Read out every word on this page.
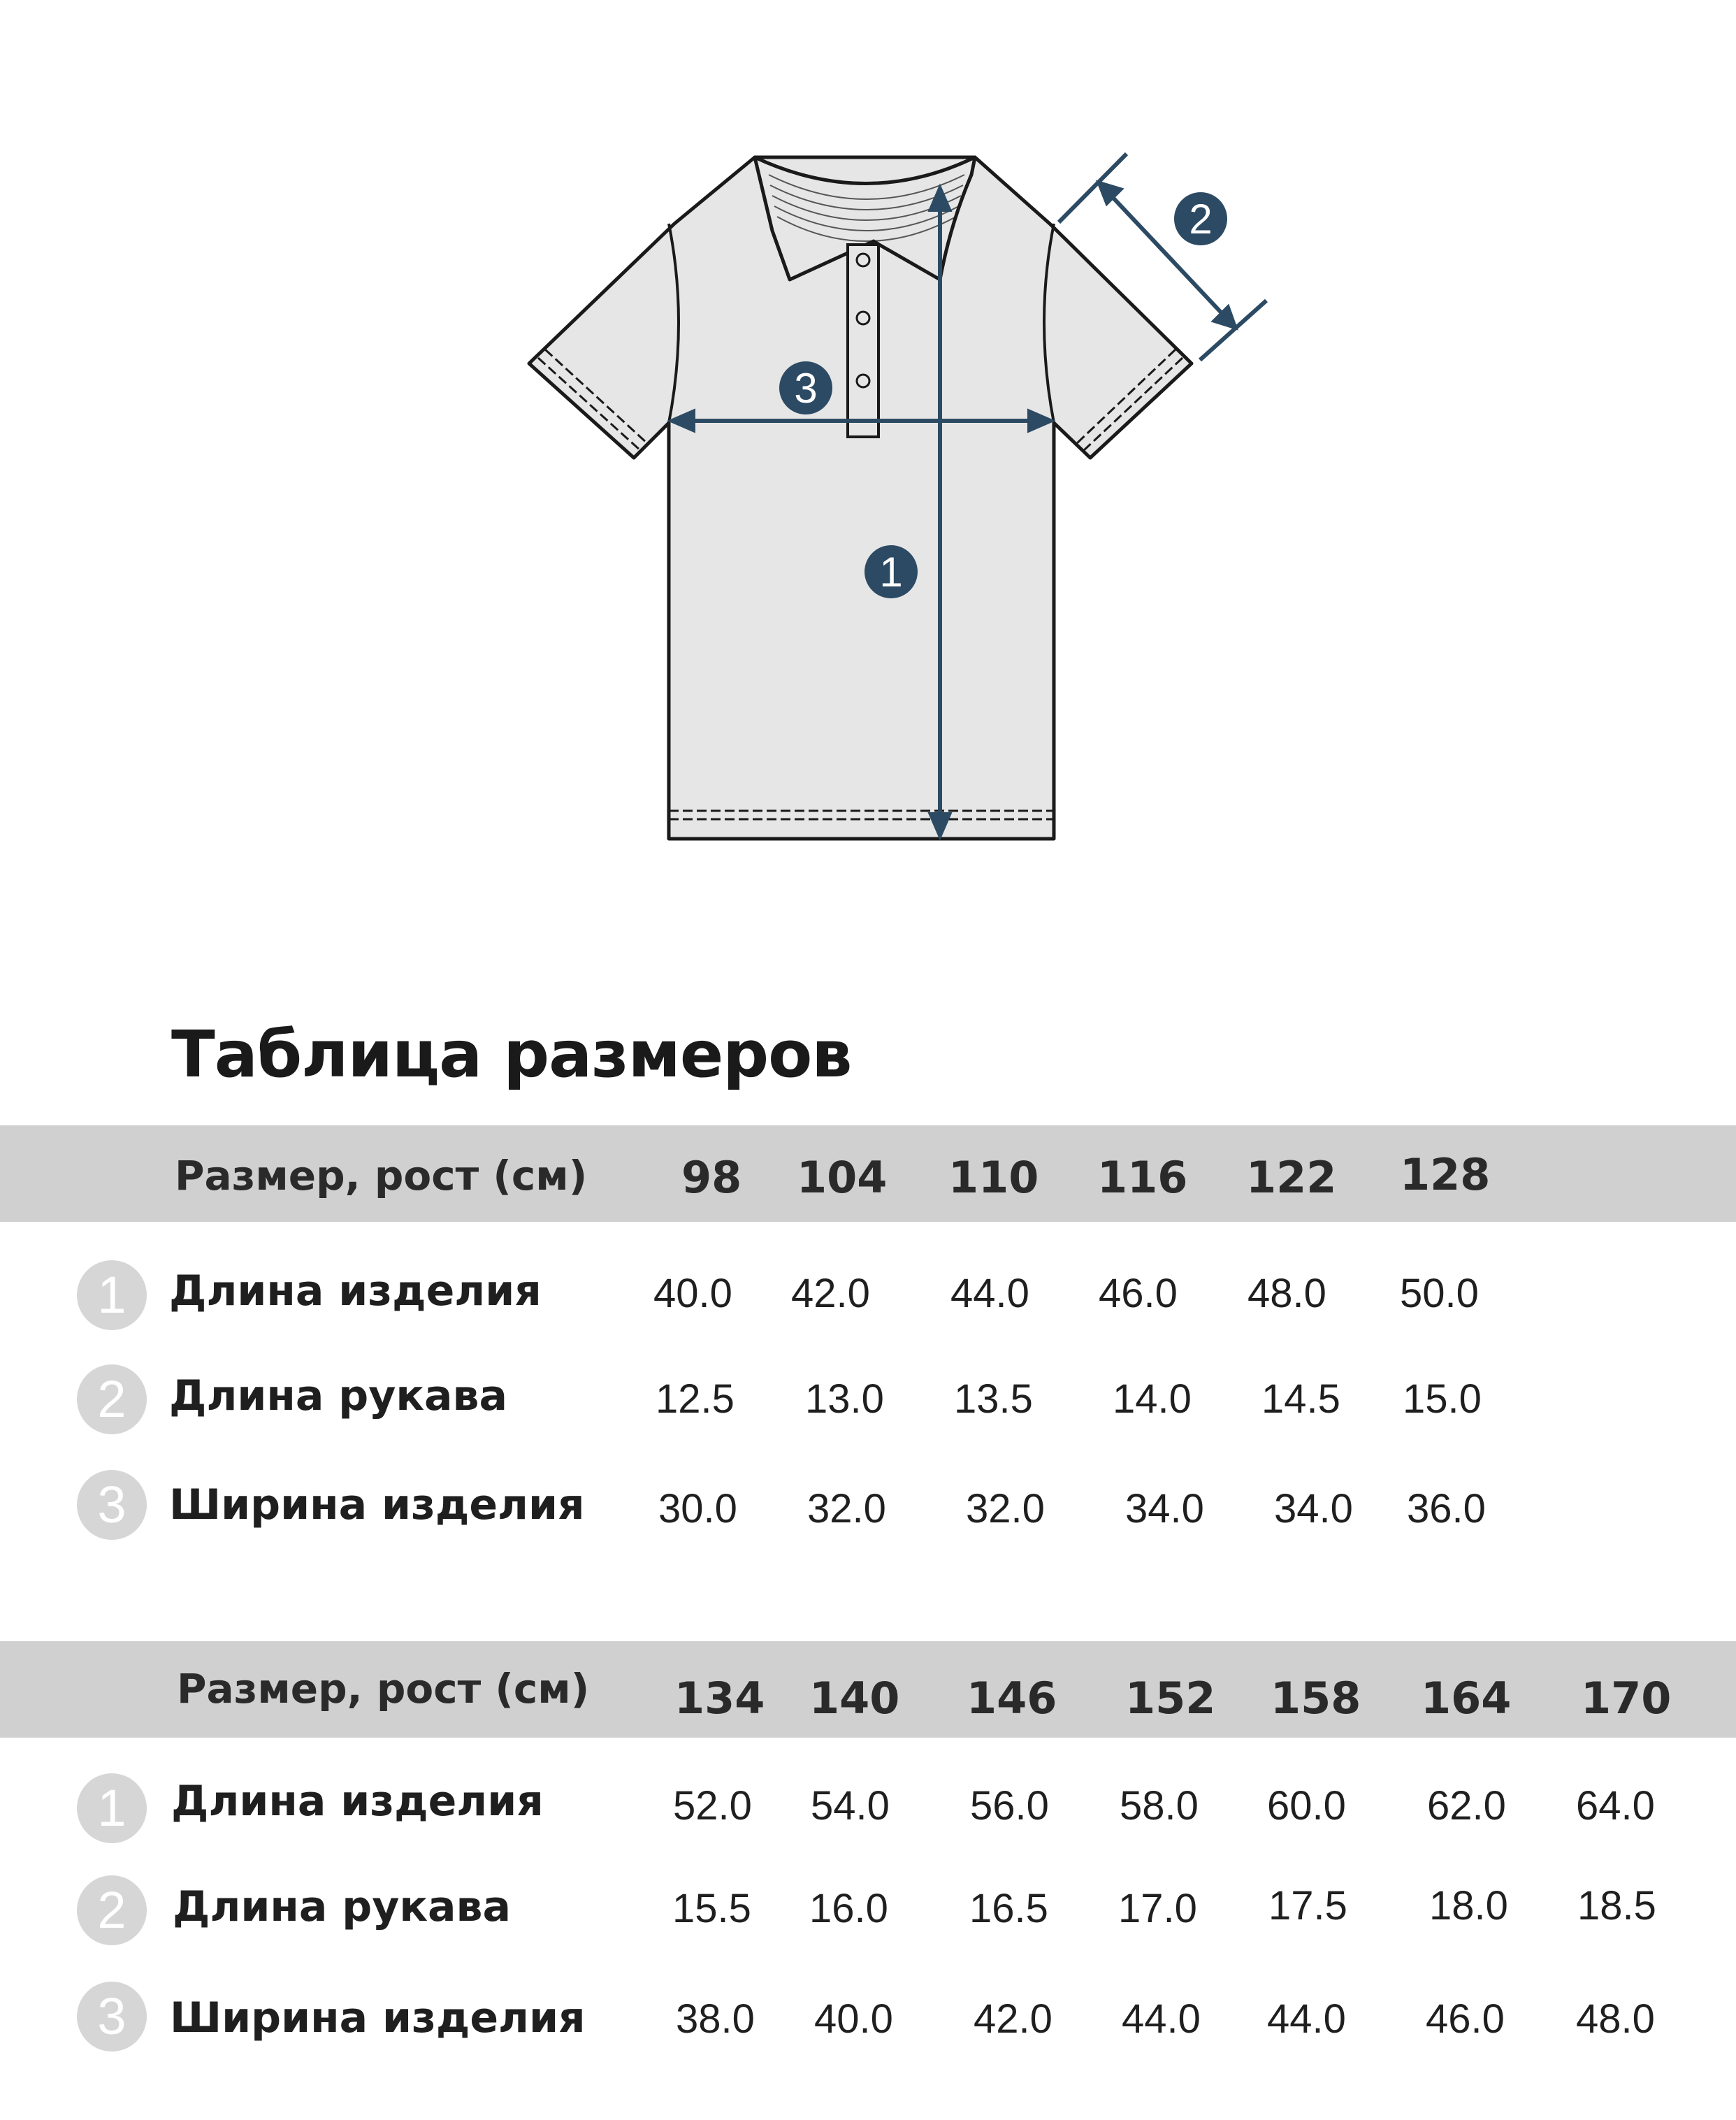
1
2
3
Таблица размеров
Размер, рост (см) 98 104 110 116 122 128
1	Длина изделия	40.0 42.0 44.0 46.0 48.0 50.0
2	Длина рукава	12.5 13.0 13.5 14.0 14.5 15.0
3	Ширина изделия 30.0 32.0 32.0 34.0 34.0 36.0
Размер, рост (см) 134 140 146 152 158 164 170
1	Длина изделия	52.0 54.0 56.0 58.0 60.0 62.0 64.0
2	Длина рукава	15.5 16.0 16.5 17.0 17.5 18.0 18.5
3	Ширина изделия 38.0 40.0 42.0 44.0 44.0 46.0 48.0
